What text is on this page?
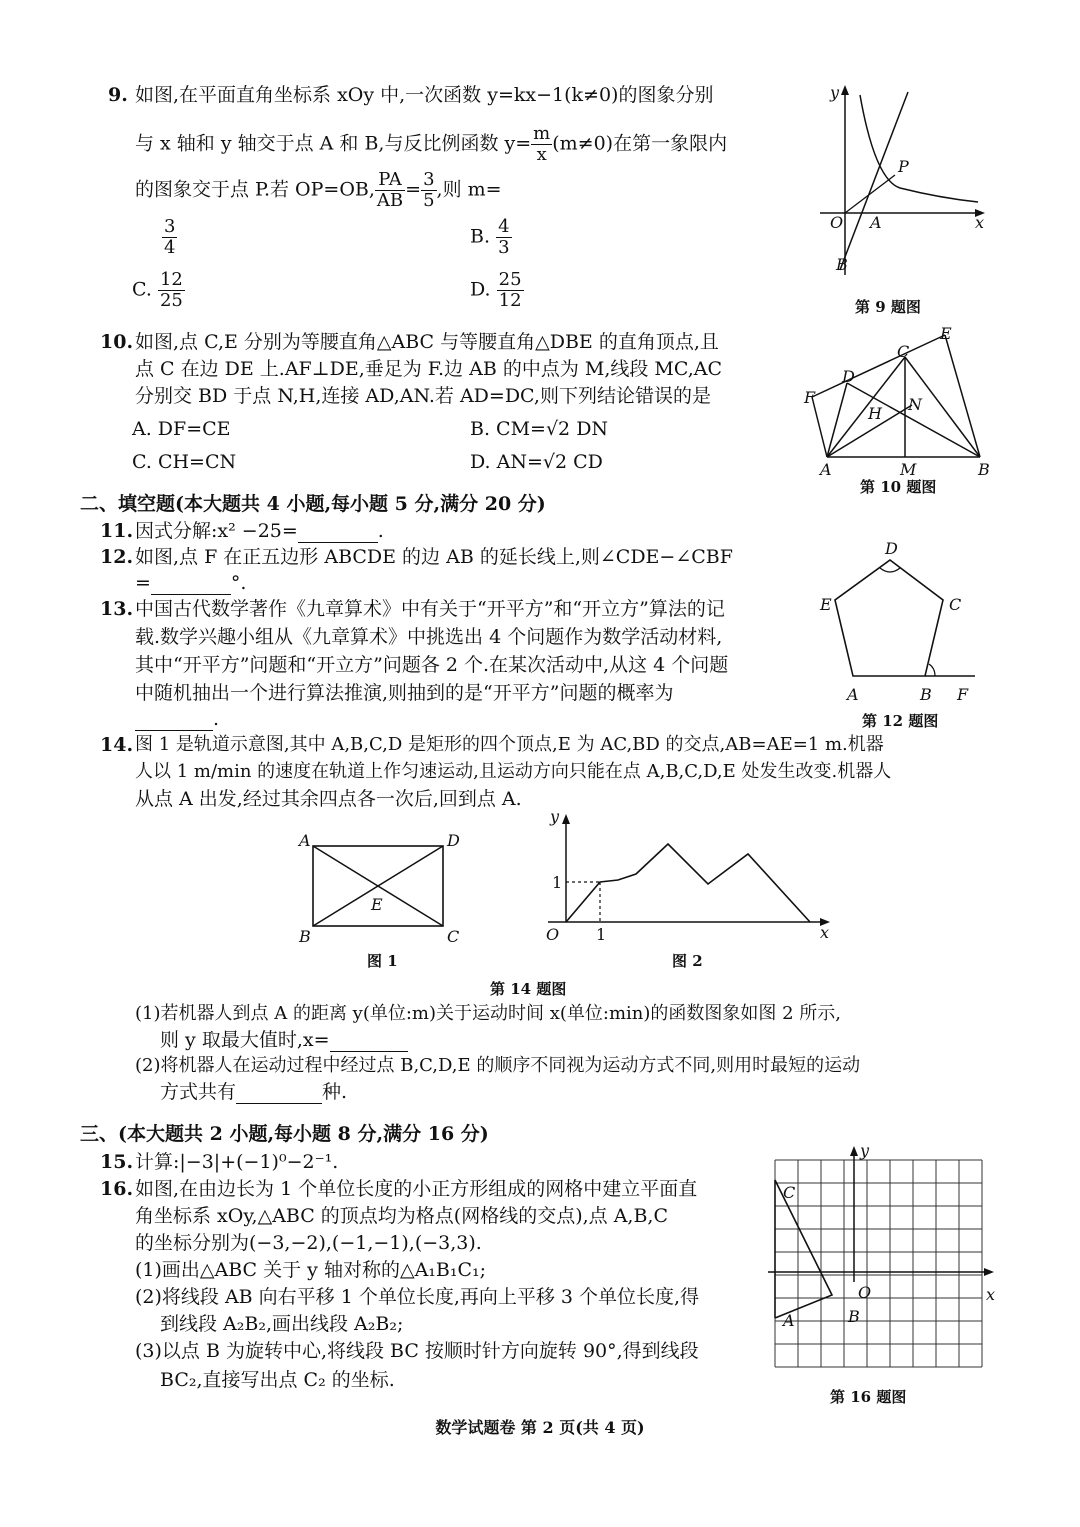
9. 如图,在平面直角坐标系 xOy 中,一次函数 y=kx−1(k≠0)的图象分别
与 x 轴和 y 轴交于点 A 和 B,与反比例函数 $y= \frac{m}{x} (m\ne 0)$在第一象限内
的图象交于点 P.若 OP=OB, $\frac{PA}{AB} = \frac{3}{5}$ ,则 m=
$\frac{3}{4}$	B. $\frac{4}{3}$
C. $\frac{12}{25}$	D. $\frac{25}{12}$
y
x
O A
B
P
第 9 题图
10. 如图,点 C,E 分别为等腰直角△ABC 与等腰直角△DBE 的直角顶点,且
点 C 在边 DE 上.AF⊥DE,垂足为 F.边 AB 的中点为 M,线段 MC,AC
分别交 BD 于点 N,H,连接 AD,AN.若 AD=DC,则下列结论错误的是
A. DF=CE	B. CM=√2 DN
C. CH=CN	D. AN=√2 CD	A	B
C
D
E
F
H
M
N
第 10 题图
二、填空题(本大题共 4 小题,每小题 5 分,满分 20 分)
11. 因式分解:x² −25=	.
12. 如图,点 F 在正五边形 ABCDE 的边 AB 的延长线上,则∠CDE−∠CBF
=	°.
D
C
E
A	B F
第 12 题图
13. 中国古代数学著作《九章算术》中有关于“开平方”和“开立方”算法的记
载.数学兴趣小组从《九章算术》中挑选出 4 个问题作为数学活动材料,
其中“开平方”问题和“开立方”问题各 2 个.在某次活动中,从这 4 个问题
中随机抽出一个进行算法推演,则抽到的是“开平方”问题的概率为
.
14. 图 1 是轨道示意图,其中 A,B,C,D 是矩形的四个顶点,E 为 AC,BD 的交点,AB=AE=1 m.机器
人以 1 m/min 的速度在轨道上作匀速运动,且运动方向只能在点 A,B,C,D,E 处发生改变.机器人
从点 A 出发,经过其余四点各一次后,回到点 A.
A	D
B	C
E
图 1
y
x
O
1
1
图 2
第 14 题图
(1)若机器人到点 A 的距离 y(单位:m)关于运动时间 x(单位:min)的函数图象如图 2 所示,
则 y 取最大值时,x=
(2)将机器人在运动过程中经过点 B,C,D,E 的顺序不同视为运动方式不同,则用时最短的运动
方式共有	种.
三、(本大题共 2 小题,每小题 8 分,满分 16 分)
15. 计算:|−3|+(−1)⁰−2⁻¹.
16. 如图,在由边长为 1 个单位长度的小正方形组成的网格中建立平面直
角坐标系 xOy,△ABC 的顶点均为格点(网格线的交点),点 A,B,C
的坐标分别为(−3,−2),(−1,−1),(−3,3).
(1)画出△ABC 关于 y 轴对称的△A₁B₁C₁;
(2)将线段 AB 向右平移 1 个单位长度,再向上平移 3 个单位长度,得
到线段 A₂B₂,画出线段 A₂B₂;
(3)以点 B 为旋转中心,将线段 BC 按顺时针方向旋转 90°,得到线段
BC₂,直接写出点 C₂ 的坐标.
y
x
O
C
A	B
第 16 题图
数学试题卷 第 2 页(共 4 页)
